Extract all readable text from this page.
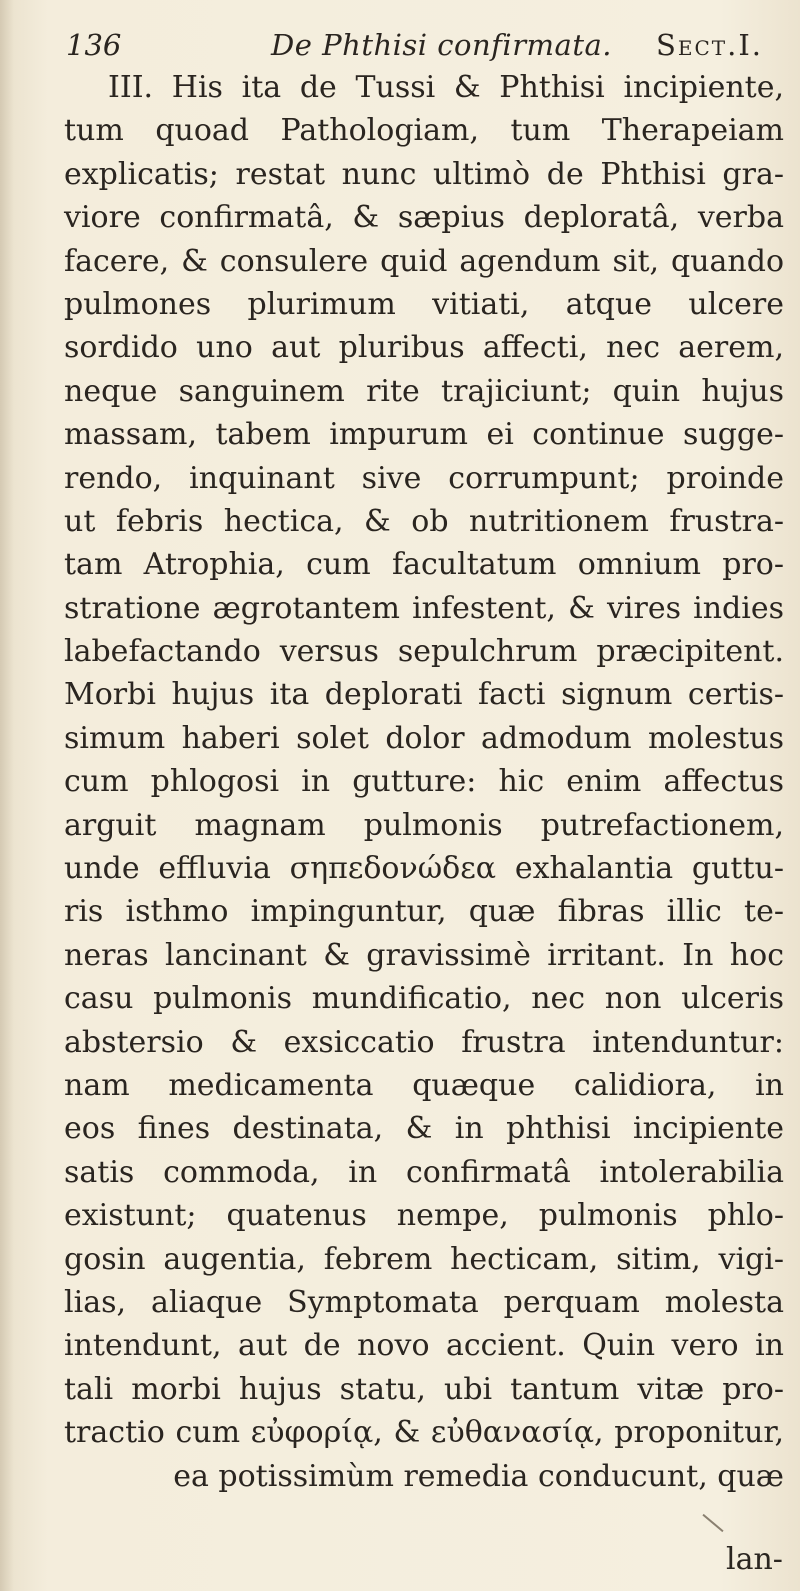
136	De Phthisi confirmata. Sect.I.
III. His ita de Tussi & Phthisi incipiente,
tum quoad Pathologiam, tum Therapeiam
explicatis; restat nunc ultimò de Phthisi gra-
viore confirmatâ, & sæpius deploratâ, verba
facere, & consulere quid agendum sit, quando
pulmones plurimum vitiati, atque ulcere
sordido uno aut pluribus affecti, nec aerem,
neque sanguinem rite trajiciunt; quin hujus
massam, tabem impurum ei continue sugge-
rendo, inquinant sive corrumpunt; proinde
ut febris hectica, & ob nutritionem frustra-
tam Atrophia, cum facultatum omnium pro-
stratione ægrotantem infestent, & vires indies
labefactando versus sepulchrum præcipitent.
Morbi hujus ita deplorati facti signum certis-
simum haberi solet dolor admodum molestus
cum phlogosi in gutture: hic enim affectus
arguit magnam pulmonis putrefactionem,
unde effluvia σηπεδονώδεα exhalantia guttu-
ris isthmo impinguntur, quæ fibras illic te-
neras lancinant & gravissimè irritant. In hoc
casu pulmonis mundificatio, nec non ulceris
abstersio & exsiccatio frustra intenduntur:
nam medicamenta quæque calidiora, in
eos fines destinata, & in phthisi incipiente
satis commoda, in confirmatâ intolerabilia
existunt; quatenus nempe, pulmonis phlo-
gosin augentia, febrem hecticam, sitim, vigi-
lias, aliaque Symptomata perquam molesta
intendunt, aut de novo accient. Quin vero in
tali morbi hujus statu, ubi tantum vitæ pro-
tractio cum εὐφορίᾳ, & εὐθανασίᾳ, proponitur,
ea potissimùm remedia conducunt, quæ
lan-
